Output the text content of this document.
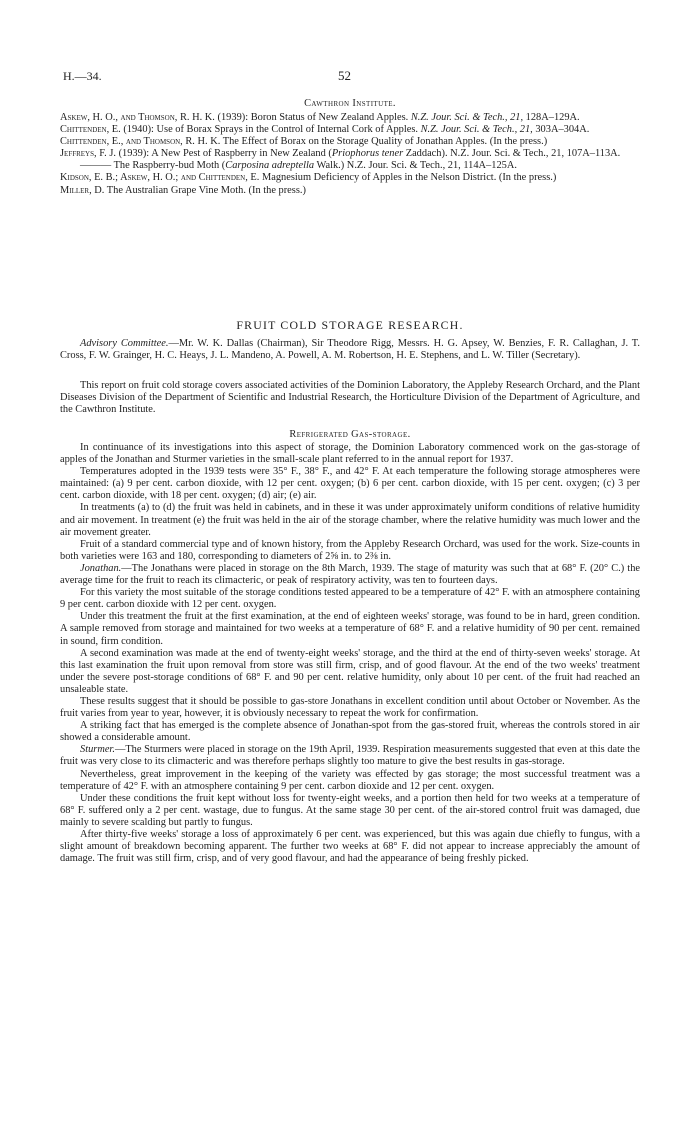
H.—34.	52
Cawthron Institute.

Askew, H. O., and Thomson, R. H. K. (1939): Boron Status of New Zealand Apples. N.Z. Jour. Sci. & Tech., 21, 128A–129A.

Chittenden, E. (1940): Use of Borax Sprays in the Control of Internal Cork of Apples. N.Z. Jour. Sci. & Tech., 21, 303A–304A.

Chittenden, E., and Thomson, R. H. K. The Effect of Borax on the Storage Quality of Jonathan Apples. (In the press.)

Jeffreys, F. J. (1939): A New Pest of Raspberry in New Zealand (Priophorus tener Zaddach). N.Z. Jour. Sci. & Tech., 21, 107A–113A.

——— The Raspberry-bud Moth (Carposina adreptella Walk.) N.Z. Jour. Sci. & Tech., 21, 114A–125A.

Kidson, E. B.; Askew, H. O.; and Chittenden, E. Magnesium Deficiency of Apples in the Nelson District. (In the press.)

Miller, D. The Australian Grape Vine Moth. (In the press.)

FRUIT COLD STORAGE RESEARCH.

Advisory Committee.—Mr. W. K. Dallas (Chairman), Sir Theodore Rigg, Messrs. H. G. Apsey, W. Benzies, F. R. Callaghan, J. T. Cross, F. W. Grainger, H. C. Heays, J. L. Mandeno, A. Powell, A. M. Robertson, H. E. Stephens, and L. W. Tiller (Secretary).

This report on fruit cold storage covers associated activities of the Dominion Laboratory, the Appleby Research Orchard, and the Plant Diseases Division of the Department of Scientific and Industrial Research, the Horticulture Division of the Department of Agriculture, and the Cawthron Institute.

Refrigerated Gas-storage.

In continuance of its investigations into this aspect of storage, the Dominion Laboratory commenced work on the gas-storage of apples of the Jonathan and Sturmer varieties in the small-scale plant referred to in the annual report for 1937.

Temperatures adopted in the 1939 tests were 35° F., 38° F., and 42° F. At each temperature the following storage atmospheres were maintained: (a) 9 per cent. carbon dioxide, with 12 per cent. oxygen; (b) 6 per cent. carbon dioxide, with 15 per cent. oxygen; (c) 3 per cent. carbon dioxide, with 18 per cent. oxygen; (d) air; (e) air.

In treatments (a) to (d) the fruit was held in cabinets, and in these it was under approximately uniform conditions of relative humidity and air movement. In treatment (e) the fruit was held in the air of the storage chamber, where the relative humidity was much lower and the air movement greater.

Fruit of a standard commercial type and of known history, from the Appleby Research Orchard, was used for the work. Size-counts in both varieties were 163 and 180, corresponding to diameters of 2⅝ in. to 2⅜ in.

Jonathan.—The Jonathans were placed in storage on the 8th March, 1939. The stage of maturity was such that at 68° F. (20° C.) the average time for the fruit to reach its climacteric, or peak of respiratory activity, was ten to fourteen days.

For this variety the most suitable of the storage conditions tested appeared to be a temperature of 42° F. with an atmosphere containing 9 per cent. carbon dioxide with 12 per cent. oxygen.

Under this treatment the fruit at the first examination, at the end of eighteen weeks' storage, was found to be in hard, green condition. A sample removed from storage and maintained for two weeks at a temperature of 68° F. and a relative humidity of 90 per cent. remained in sound, firm condition.

A second examination was made at the end of twenty-eight weeks' storage, and the third at the end of thirty-seven weeks' storage. At this last examination the fruit upon removal from store was still firm, crisp, and of good flavour. At the end of the two weeks' treatment under the severe post-storage conditions of 68° F. and 90 per cent. relative humidity, only about 10 per cent. of the fruit had reached an unsaleable state.

These results suggest that it should be possible to gas-store Jonathans in excellent condition until about October or November. As the fruit varies from year to year, however, it is obviously necessary to repeat the work for confirmation.

A striking fact that has emerged is the complete absence of Jonathan-spot from the gas-stored fruit, whereas the controls stored in air showed a considerable amount.

Sturmer.—The Sturmers were placed in storage on the 19th April, 1939. Respiration measurements suggested that even at this date the fruit was very close to its climacteric and was therefore perhaps slightly too mature to give the best results in gas-storage.

Nevertheless, great improvement in the keeping of the variety was effected by gas storage; the most successful treatment was a temperature of 42° F. with an atmosphere containing 9 per cent. carbon dioxide and 12 per cent. oxygen.

Under these conditions the fruit kept without loss for twenty-eight weeks, and a portion then held for two weeks at a temperature of 68° F. suffered only a 2 per cent. wastage, due to fungus. At the same stage 30 per cent. of the air-stored control fruit was damaged, due mainly to severe scalding but partly to fungus.

After thirty-five weeks' storage a loss of approximately 6 per cent. was experienced, but this was again due chiefly to fungus, with a slight amount of breakdown becoming apparent. The further two weeks at 68° F. did not appear to increase appreciably the amount of damage. The fruit was still firm, crisp, and of very good flavour, and had the appearance of being freshly picked.
